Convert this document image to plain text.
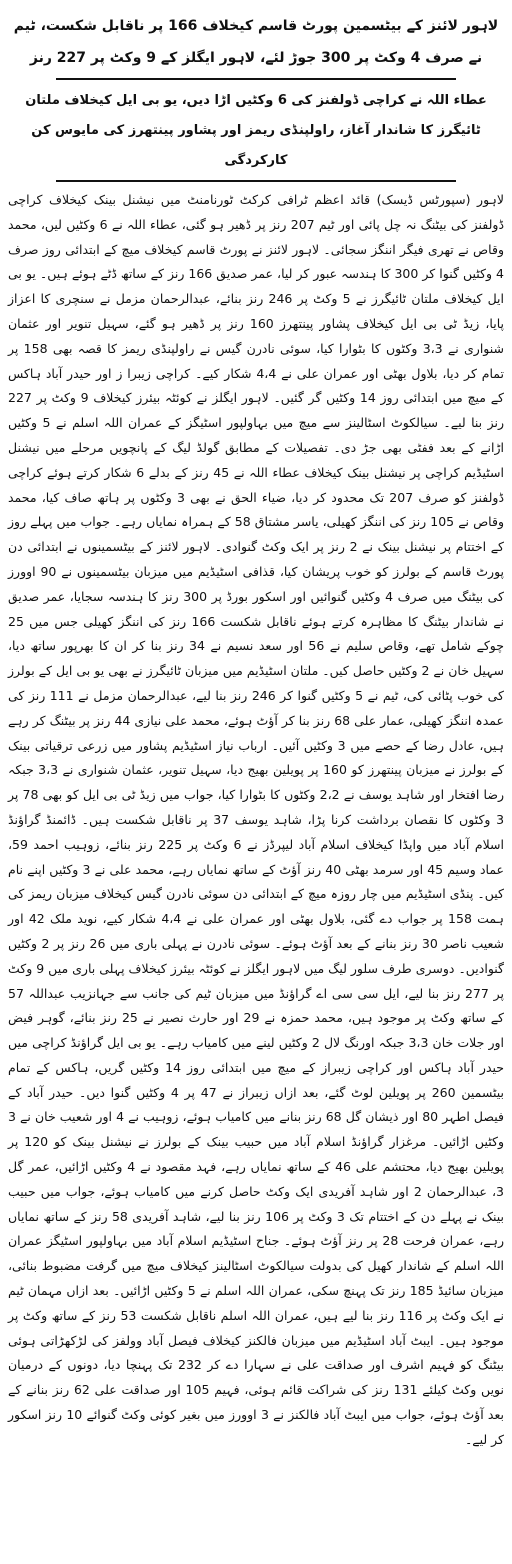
لاہور لائنز کے بیٹسمین پورٹ قاسم کیخلاف 166 پر ناقابل شکست، ٹیم نے صرف 4 وکٹ پر 300 جوڑ لئے، لاہور ایگلز کے 9 وکٹ پر 227 رنز
عطاء اللہ نے کراچی ڈولفنز کی 6 وکٹیں اڑا دیں، یو بی ایل کیخلاف ملتان ٹائیگرز کا شاندار آغاز، راولپنڈی ریمز اور پشاور پینتھرز کی مایوس کن کارکردگی

لاہور (سپورٹس ڈیسک) قائد اعظم ٹرافی کرکٹ ٹورنامنٹ میں نیشنل بینک کیخلاف کراچی ڈولفنز کی بیٹنگ نہ چل پائی اور ٹیم 207 رنز پر ڈھیر ہو گئی، عطاء اللہ نے 6 وکٹیں لیں، محمد وقاص نے تھری فیگر اننگز سجائی۔ لاہور لائنز نے پورٹ قاسم کیخلاف میچ کے ابتدائی روز صرف 4 وکٹیں گنوا کر 300 کا ہندسہ عبور کر لیا، عمر صدیق 166 رنز کے ساتھ ڈٹے ہوئے ہیں۔ یو بی ایل کیخلاف ملتان ٹائیگرز نے 5 وکٹ پر 246 رنز بنائے، عبدالرحمان مزمل نے سنچری کا اعزاز پایا، زیڈ ٹی بی ایل کیخلاف پشاور پینتھرز 160 رنز پر ڈھیر ہو گئے، سہیل تنویر اور عثمان شنواری نے 3،3 وکٹوں کا بٹوارا کیا، سوئی نادرن گیس نے راولپنڈی ریمز کا قصہ بھی 158 پر تمام کر دیا، بلاول بھٹی اور عمران علی نے 4،4 شکار کیے۔ کراچی زیبرا ز اور حیدر آباد ہاکس کے میچ میں ابتدائی روز 14 وکٹیں گر گئیں۔ لاہور ایگلز نے کوئٹہ بیئرز کیخلاف 9 وکٹ پر 227 رنز بنا لیے۔ سیالکوٹ اسٹالینز سے میچ میں بہاولپور اسٹیگز کے عمران اللہ اسلم نے 5 وکٹیں اڑانے کے بعد ففٹی بھی جڑ دی۔ تفصیلات کے مطابق گولڈ لیگ کے پانچویں مرحلے میں نیشنل اسٹیڈیم کراچی پر نیشنل بینک کیخلاف عطاء اللہ نے 45 رنز کے بدلے 6 شکار کرتے ہوئے کراچی ڈولفنز کو صرف 207 تک محدود کر دیا، ضیاء الحق نے بھی 3 وکٹوں پر ہاتھ صاف کیا، محمد وقاص نے 105 رنز کی اننگز کھیلی، یاسر مشتاق 58 کے ہمراہ نمایاں رہے۔ جواب میں پہلے روز کے اختتام پر نیشنل بینک نے 2 رنز پر ایک وکٹ گنوادی۔ لاہور لائنز کے بیٹسمینوں نے ابتدائی دن پورٹ قاسم کے بولرز کو خوب پریشان کیا، قذافی اسٹیڈیم میں میزبان بیٹسمینوں نے 90 اوورز کی بیٹنگ میں صرف 4 وکٹیں گنوائیں اور اسکور بورڈ پر 300 رنز کا ہندسہ سجایا، عمر صدیق نے شاندار بیٹنگ کا مظاہرہ کرتے ہوئے ناقابل شکست 166 رنز کی اننگز کھیلی جس میں 25 چوکے شامل تھے، وقاص سلیم نے 56 اور سعد نسیم نے 34 رنز بنا کر ان کا بھرپور ساتھ دیا، سہیل خان نے 2 وکٹیں حاصل کیں۔ ملتان اسٹیڈیم میں میزبان ٹائیگرز نے بھی یو بی ایل کے بولرز کی خوب پٹائی کی، ٹیم نے 5 وکٹیں گنوا کر 246 رنز بنا لیے، عبدالرحمان مزمل نے 111 رنز کی عمدہ اننگز کھیلی، عمار علی 68 رنز بنا کر آؤٹ ہوئے، محمد علی نیازی 44 رنز پر بیٹنگ کر رہے ہیں، عادل رضا کے حصے میں 3 وکٹیں آئیں۔ ارباب نیاز اسٹیڈیم پشاور میں زرعی ترقیاتی بینک کے بولرز نے میزبان پینتھرز کو 160 پر پویلین بھیج دیا، سہیل تنویر، عثمان شنواری نے 3،3 جبکہ رضا افتخار اور شاہد یوسف نے 2،2 وکٹوں کا بٹوارا کیا، جواب میں زیڈ ٹی بی ایل کو بھی 78 پر 3 وکٹوں کا نقصان برداشت کرنا پڑا، شاہد یوسف 37 پر ناقابل شکست ہیں۔ ڈائمنڈ گراؤنڈ اسلام آباد میں واپڈا کیخلاف اسلام آباد لیپرڈز نے 6 وکٹ پر 225 رنز بنائے، زوہیب احمد 59، عماد وسیم 45 اور سرمد بھٹی 40 رنز آؤٹ کے ساتھ نمایاں رہے، محمد علی نے 3 وکٹیں اپنے نام کیں۔ پنڈی اسٹیڈیم میں چار روزہ میچ کے ابتدائی دن سوئی نادرن گیس کیخلاف میزبان ریمز کی ہمت 158 پر جواب دے گئی، بلاول بھٹی اور عمران علی نے 4،4 شکار کیے، نوید ملک 42 اور شعیب ناصر 30 رنز بنانے کے بعد آؤٹ ہوئے۔ سوئی نادرن نے پہلی باری میں 26 رنز پر 2 وکٹیں گنوادیں۔ دوسری طرف سلور لیگ میں لاہور ایگلز نے کوئٹہ بیئرز کیخلاف پہلی باری میں 9 وکٹ پر 277 رنز بنا لیے، ایل سی سی اے گراؤنڈ میں میزبان ٹیم کی جانب سے جہانزیب عبداللہ 57 کے ساتھ وکٹ پر موجود ہیں، محمد حمزہ نے 29 اور حارث نصیر نے 25 رنز بنائے، گوہر فیض اور جلات خان 3،3 جبکہ اورنگ لال 2 وکٹیں لینے میں کامیاب رہے۔ یو بی ایل گراؤنڈ کراچی میں حیدر آباد ہاکس اور کراچی زیبراز کے میچ میں ابتدائی روز 14 وکٹیں گریں، ہاکس کے تمام بیٹسمین 260 پر پویلین لوٹ گئے، بعد ازاں زیبراز نے 47 پر 4 وکٹیں گنوا دیں۔ حیدر آباد کے فیصل اطہر 80 اور ذیشان گل 68 رنز بنانے میں کامیاب ہوئے، زوہیب نے 4 اور شعیب خان نے 3 وکٹیں اڑائیں۔ مرغزار گراؤنڈ اسلام آباد میں حبیب بینک کے بولرز نے نیشنل بینک کو 120 پر پویلین بھیج دیا، محتشم علی 46 کے ساتھ نمایاں رہے، فہد مقصود نے 4 وکٹیں اڑائیں، عمر گل 3، عبدالرحمان 2 اور شاہد آفریدی ایک وکٹ حاصل کرنے میں کامیاب ہوئے، جواب میں حبیب بینک نے پہلے دن کے اختتام تک 3 وکٹ پر 106 رنز بنا لیے، شاہد آفریدی 58 رنز کے ساتھ نمایاں رہے، عمران فرحت 28 پر رنز آؤٹ ہوئے۔ جناح اسٹیڈیم اسلام آباد میں بہاولپور اسٹیگز عمران اللہ اسلم کے شاندار کھیل کی بدولت سیالکوٹ اسٹالینز کیخلاف میچ میں گرفت مضبوط بنائی، میزبان سائیڈ 185 رنز تک پہنچ سکی، عمران اللہ اسلم نے 5 وکٹیں اڑائیں۔ بعد ازاں مہمان ٹیم نے ایک وکٹ پر 116 رنز بنا لیے ہیں، عمران اللہ اسلم ناقابل شکست 53 رنز کے ساتھ وکٹ پر موجود ہیں۔ ایبٹ آباد اسٹیڈیم میں میزبان فالکنز کیخلاف فیصل آباد وولفز کی لڑکھڑاتی ہوئی بیٹنگ کو فہیم اشرف اور صداقت علی نے سہارا دے کر 232 تک پہنچا دیا، دونوں کے درمیان نویں وکٹ کیلئے 131 رنز کی شراکت قائم ہوئی، فہیم 105 اور صداقت علی 62 رنز بنانے کے بعد آؤٹ ہوئے، جواب میں ایبٹ آباد فالکنز نے 3 اوورز میں بغیر کوئی وکٹ گنوائے 10 رنز اسکور کر لیے۔
